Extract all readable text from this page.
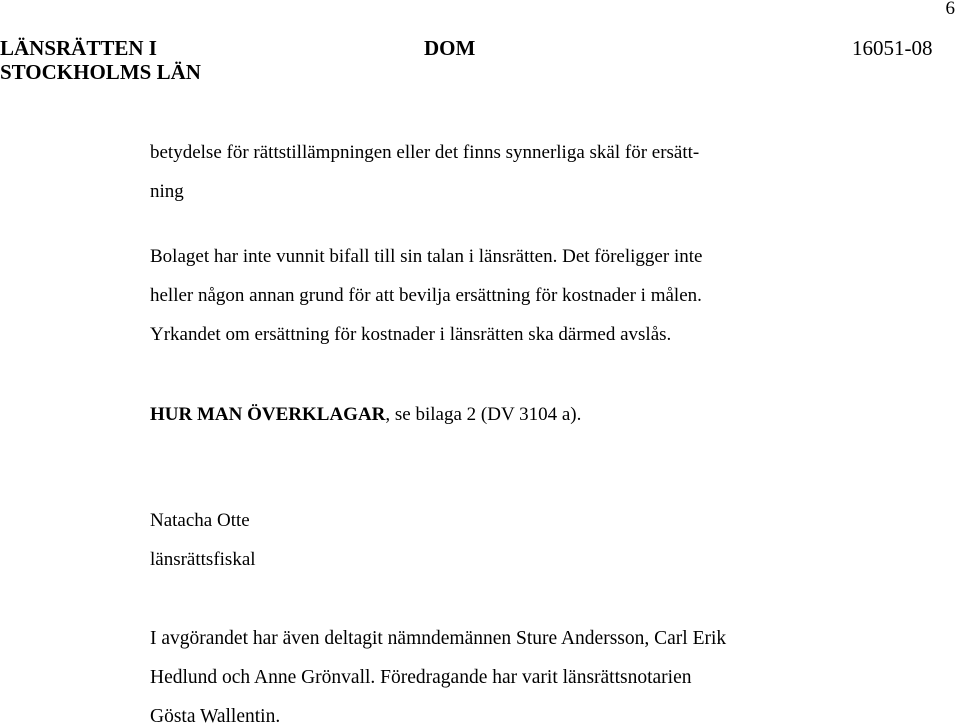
6
LÄNSRÄTTEN I
STOCKHOLMS LÄN
DOM	16051-08
betydelse för rättstillämpningen eller det finns synnerliga skäl för ersätt-
ning
Bolaget har inte vunnit bifall till sin talan i länsrätten. Det föreligger inte
heller någon annan grund för att bevilja ersättning för kostnader i målen.
Yrkandet om ersättning för kostnader i länsrätten ska därmed avslås.
HUR MAN ÖVERKLAGAR, se bilaga 2 (DV 3104 a).
Natacha Otte
länsrättsfiskal
I avgörandet har även deltagit nämndemännen Sture Andersson, Carl Erik
Hedlund och Anne Grönvall. Föredragande har varit länsrättsnotarien
Gösta Wallentin.
